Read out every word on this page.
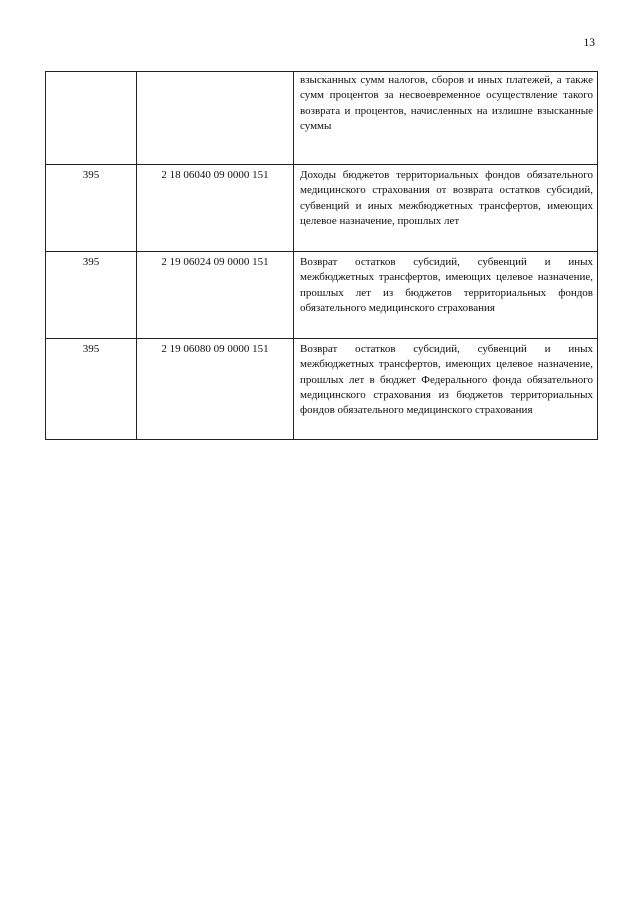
13
		взысканных сумм налогов, сборов и иных платежей, а также сумм процентов за несвоевременное осуществление такого возврата и процентов, начисленных на излишне взысканные суммы
395	2 18 06040 09 0000 151	Доходы бюджетов территориальных фондов обязательного медицинского страхования от возврата остатков субсидий, субвенций и иных межбюджетных трансфертов, имеющих целевое назначение, прошлых лет
395	2 19 06024 09 0000 151	Возврат остатков субсидий, субвенций и иных межбюджетных трансфертов, имеющих целевое назначение, прошлых лет из бюджетов территориальных фондов обязательного медицинского страхования
395	2 19 06080 09 0000 151	Возврат остатков субсидий, субвенций и иных межбюджетных трансфертов, имеющих целевое назначение, прошлых лет в бюджет Федерального фонда обязательного медицинского страхования из бюджетов территориальных фондов обязательного медицинского страхования
